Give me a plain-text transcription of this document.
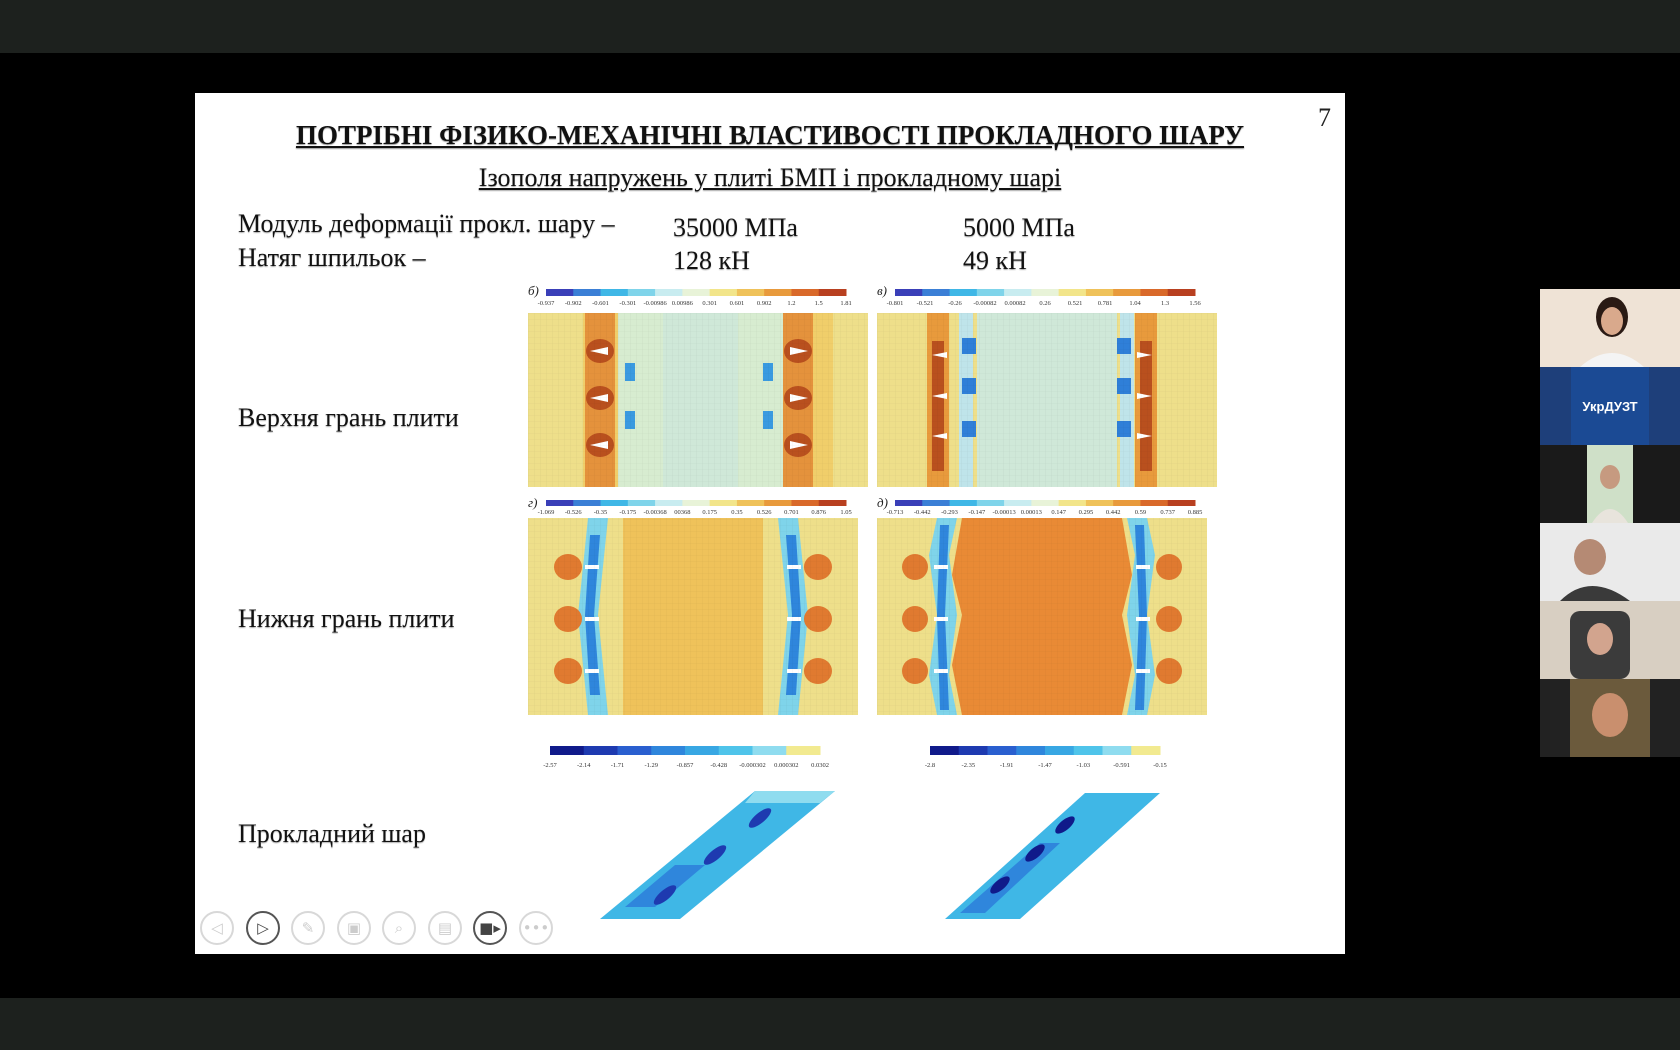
7
ПОТРІБНІ ФІЗИКО-МЕХАНІЧНІ ВЛАСТИВОСТІ ПРОКЛАДНОГО ШАРУ
Ізополя напружень у плиті БМП і прокладному шарі
Модуль деформації прокл. шару – 35000 МПа	5000 МПа
Натяг шпильок –	128 кН	49 кН
Верхня грань плити
Нижня грань плити
Прокладний шар
б)
-0.937 -0.902 -0.601 -0.301 -0.00986 0.00986 0.301 0.601 0.902 1.2	1.5	1.81
в)
-0.801 -0.521 -0.26 -0.00082 0.00082 0.26	0.521 0.781	1.04	1.3	1.56
г)
-1.069 -0.526 -0.35 -0.175 -0.00368 00368 0.175 0.35 0.526 0.701 0.876 1.05
д)
-0.713 -0.442 -0.293 -0.147 -0.00013 0.00013 0.147 0.295 0.442 0.59 0.737 0.885
-2.57	-2.14	-1.71	-1.29	-0.857	-0.428 -0.000302 0.000302 0.0302	-2.8	-2.35	-1.91	-1.47	-1.03	-0.591	-0.15
◁ ▷ ✎ ▣ ⌕ ▤ ■▸ •••
УкрДУЗТ
